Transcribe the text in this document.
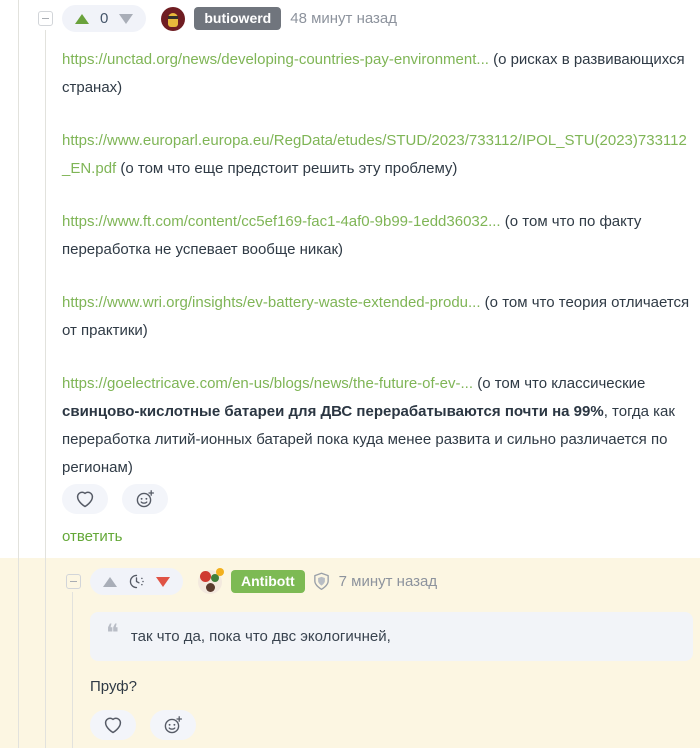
0	butiowerd	48 минут назад

https://unctad.org/news/developing-countries-pay-environment... (о рисках в развивающихся странах)

https://www.europarl.europa.eu/RegData/etudes/STUD/2023/733112/IPOL_STU(2023)733112_EN.pdf (о том что еще предстоит решить эту проблему)

https://www.ft.com/content/cc5ef169-fac1-4af0-9b99-1edd36032... (о том что по факту переработка не успевает вообще никак)

https://www.wri.org/insights/ev-battery-waste-extended-produ... (о том что теория отличается от практики)

https://goelectricave.com/en-us/blogs/news/the-future-of-ev-... (о том что классические свинцово-кислотные батареи для ДВС перерабатываются почти на 99%, тогда как переработка литий-ионных батарей пока куда менее развита и сильно различается по регионам)

ответить
Antibott	7 минут назад
❝ так что да, пока что двс экологичней,
Пруф?
